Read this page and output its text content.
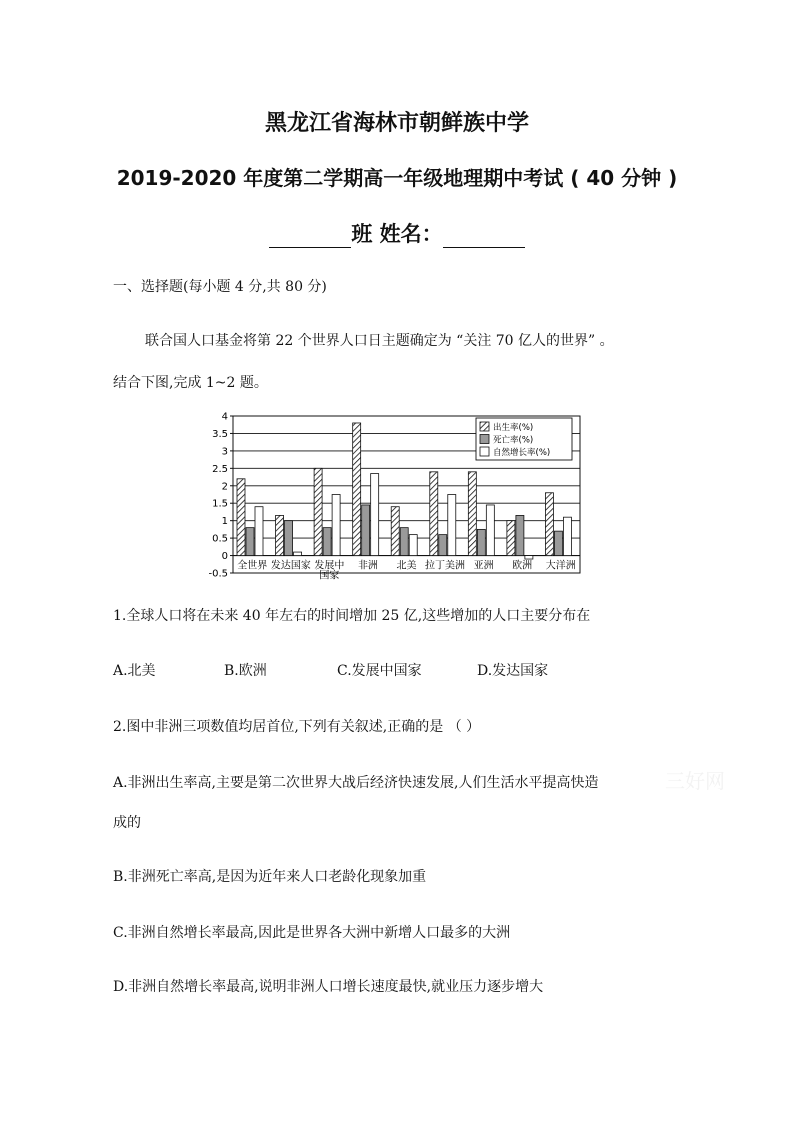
黑龙江省海林市朝鲜族中学
2019-2020 年度第二学期高一年级地理期中考试 ( 40 分钟 )
班 姓名：
一、选择题(每小题 4 分,共 80 分)
联合国人口基金将第 22 个世界人口日主题确定为 “关注 70 亿人的世界” 。
结合下图,完成 1~2 题。
4
3.5
3
2.5
2
1.5
1
0.5
0
-0.5
全世界 发达国家 发展中
国家
非洲 北美 拉丁美洲 亚洲 欧洲 大洋洲
出生率(%)
死亡率(%)
自然增长率(%)
1.全球人口将在未来 40 年左右的时间增加 25 亿,这些增加的人口主要分布在
A.北美	B.欧洲	C.发展中国家	D.发达国家
2.图中非洲三项数值均居首位,下列有关叙述,正确的是 （ ）
A.非洲出生率高,主要是第二次世界大战后经济快速发展,人们生活水平提高快造
成的
B.非洲死亡率高,是因为近年来人口老龄化现象加重
C.非洲自然增长率最高,因此是世界各大洲中新增人口最多的大洲
D.非洲自然增长率最高,说明非洲人口增长速度最快,就业压力逐步增大
三好网
